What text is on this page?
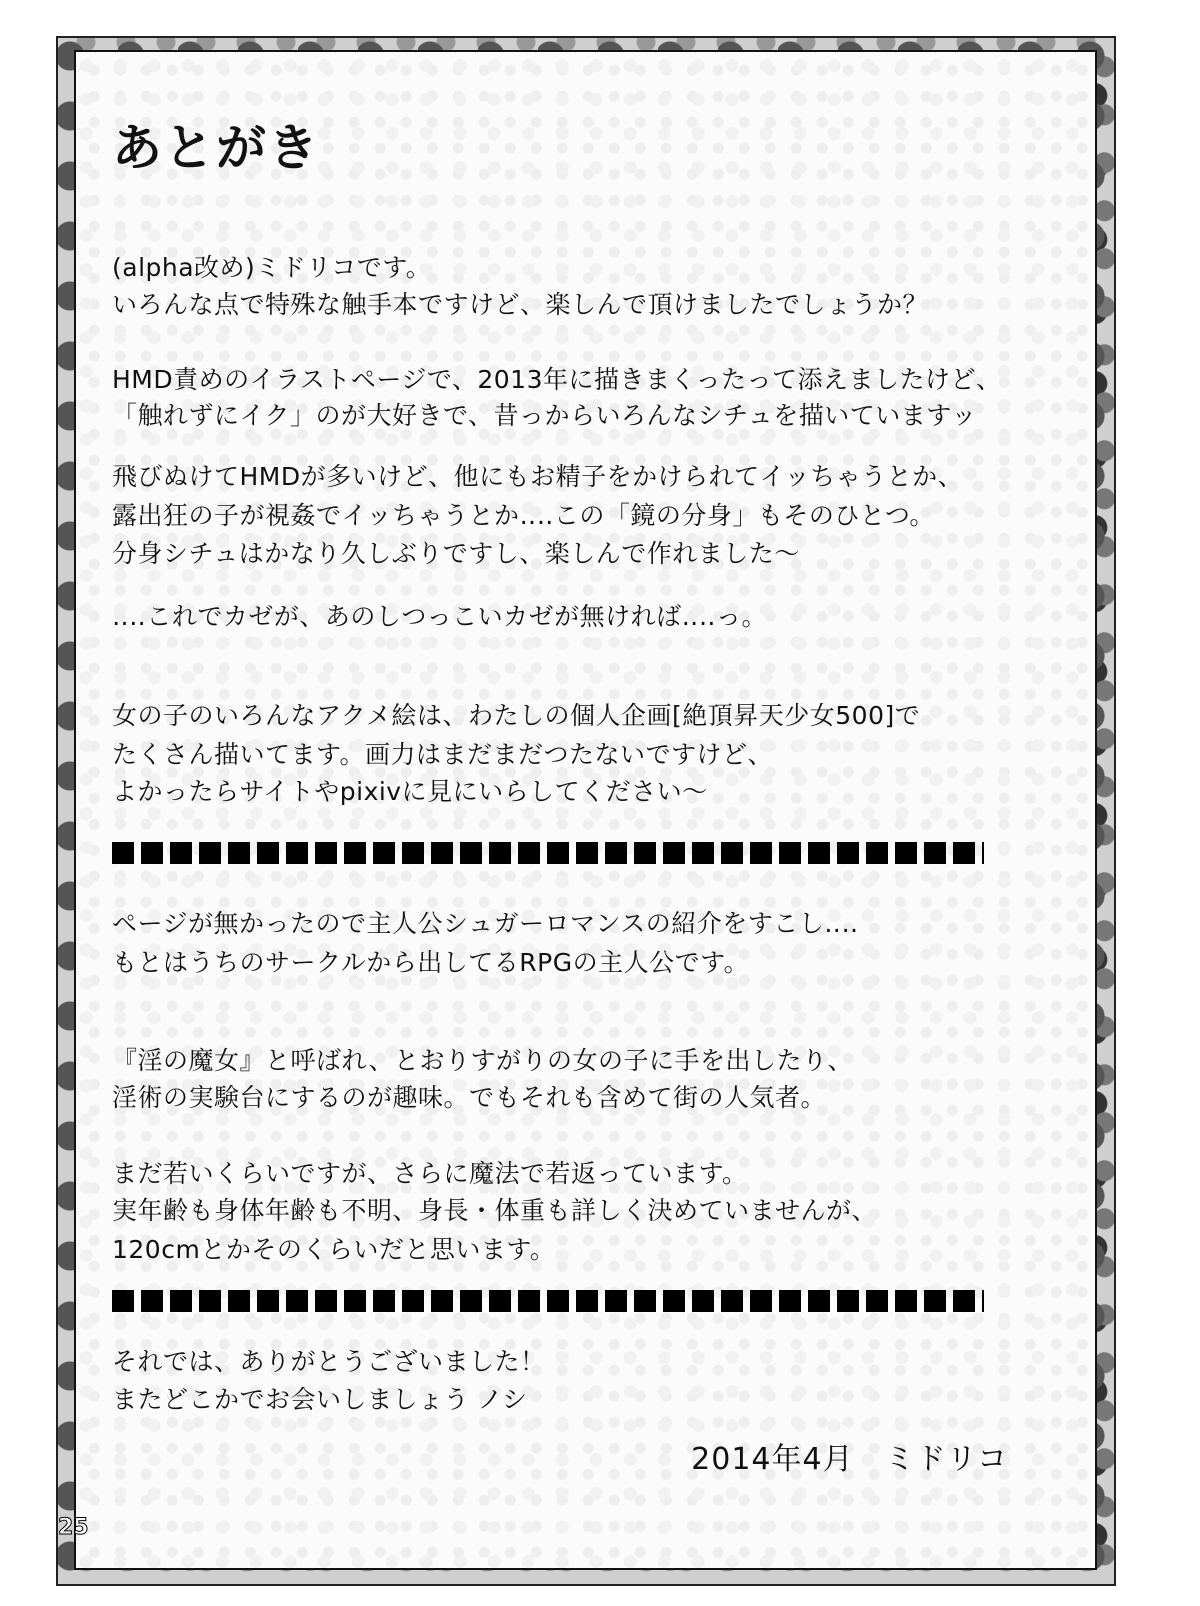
あとがき

(alpha改め)ミドリコです。

いろんな点で特殊な触手本ですけど、楽しんで頂けましたでしょうか？

HMD責めのイラストページで、2013年に描きまくったって添えましたけど、

「触れずにイク」のが大好きで、昔っからいろんなシチュを描いていますッ

飛びぬけてHMDが多いけど、他にもお精子をかけられてイッちゃうとか、

露出狂の子が視姦でイッちゃうとか‥‥この「鏡の分身」もそのひとつ。

分身シチュはかなり久しぶりですし、楽しんで作れました〜

‥‥これでカゼが、あのしつっこいカゼが無ければ‥‥っ。

女の子のいろんなアクメ絵は、わたしの個人企画[絶頂昇天少女500]で

たくさん描いてます。画力はまだまだつたないですけど、

よかったらサイトやpixivに見にいらしてください〜

ページが無かったので主人公シュガーロマンスの紹介をすこし‥‥

もとはうちのサークルから出してるRPGの主人公です。

『淫の魔女』と呼ばれ、とおりすがりの女の子に手を出したり、

淫術の実験台にするのが趣味。でもそれも含めて街の人気者。

まだ若いくらいですが、さらに魔法で若返っています。

実年齢も身体年齢も不明、身長・体重も詳しく決めていませんが、

120cmとかそのくらいだと思います。

それでは、ありがとうございました！

またどこかでお会いしましょう ノシ

2014年4月　ミドリコ

25
